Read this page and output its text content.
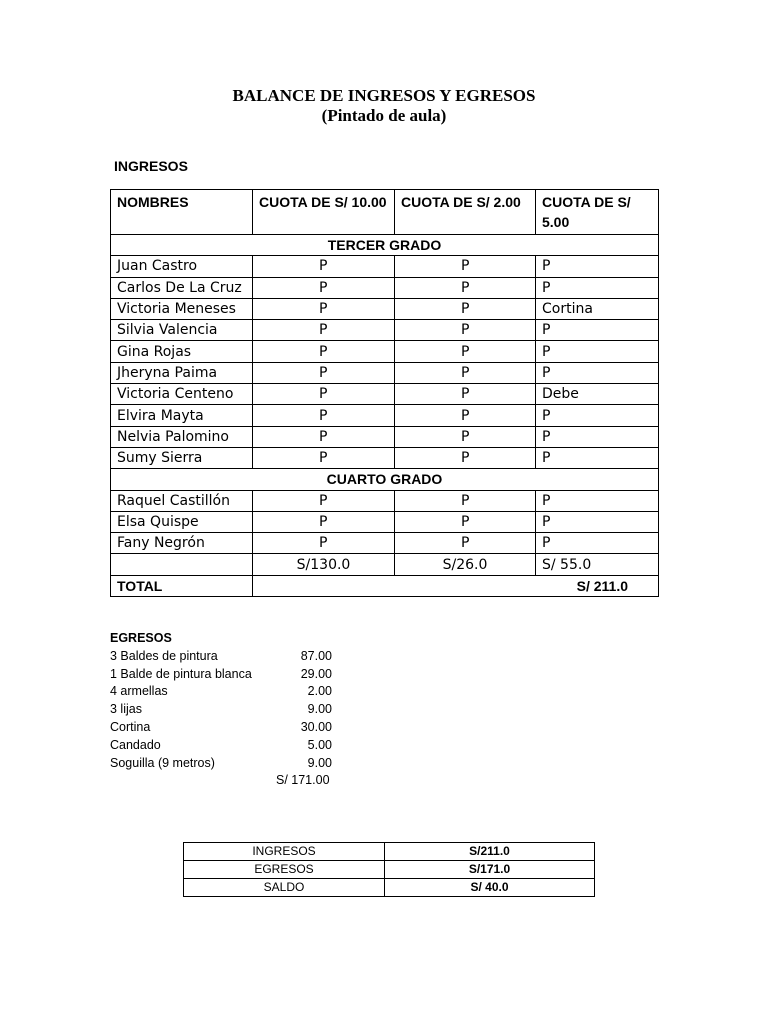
BALANCE DE INGRESOS Y EGRESOS
(Pintado de aula)
INGRESOS
NOMBRES	CUOTA DE S/ 10.00	CUOTA DE S/ 2.00	CUOTA DE S/ 5.00
TERCER GRADO			
Juan Castro	P	P	P
Carlos De La Cruz	P	P	P
Victoria Meneses	P	P	Cortina
Silvia Valencia	P	P	P
Gina Rojas	P	P	P
Jheryna Paima	P	P	P
Victoria Centeno	P	P	Debe
Elvira Mayta	P	P	P
Nelvia Palomino	P	P	P
Sumy Sierra	P	P	P
CUARTO GRADO			
Raquel Castillón	P	P	P
Elsa Quispe	P	P	P
Fany Negrón	P	P	P
	S/130.0	S/26.0	S/ 55.0
TOTAL	S/ 211.0		
EGRESOS
3 Baldes de pintura	87.00
1 Balde de pintura blanca	29.00
4 armellas	2.00
3 lijas	9.00
Cortina	30.00
Candado	5.00
Soguilla (9 metros)	9.00
S/ 171.00
INGRESOS	S/211.0
EGRESOS	S/171.0
SALDO	S/ 40.0
